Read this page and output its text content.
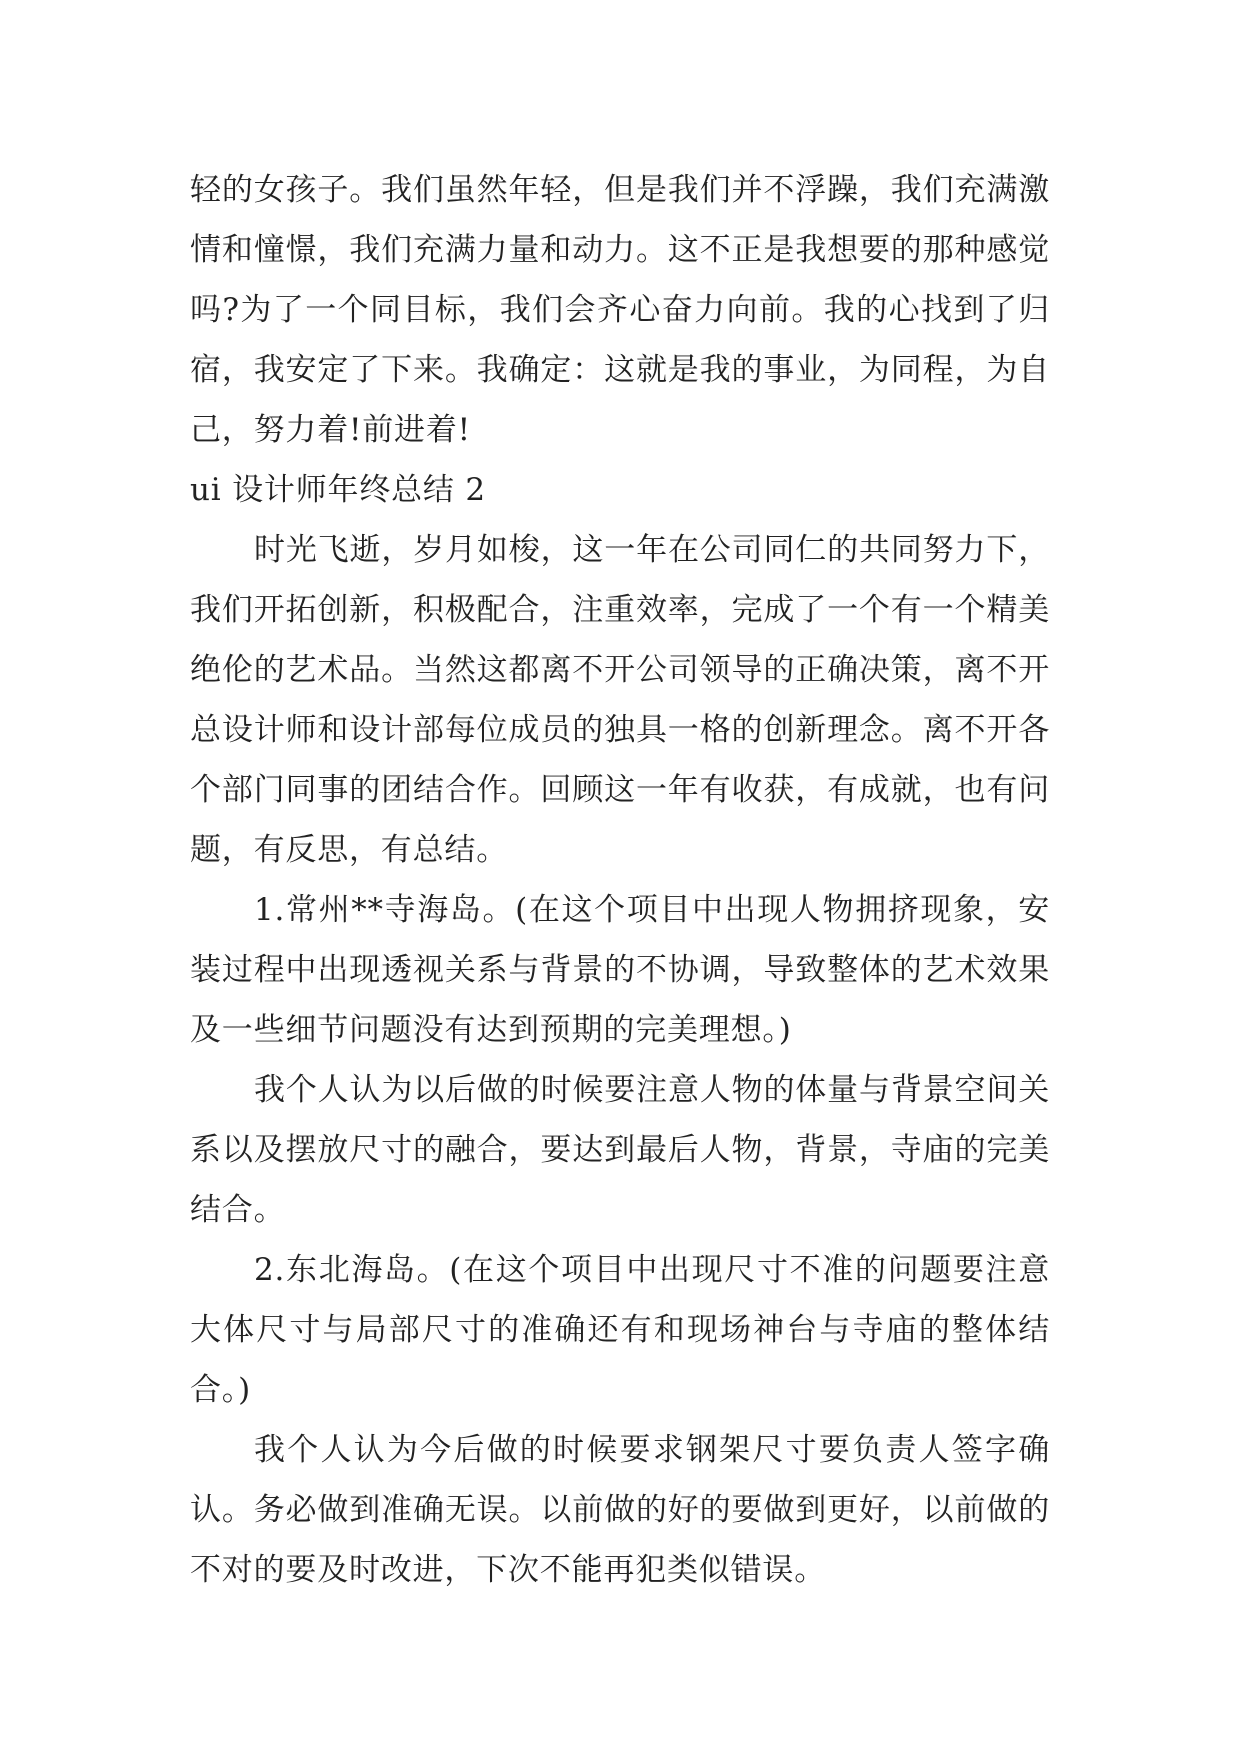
轻的女孩子。我们虽然年轻，但是我们并不浮躁，我们充满激情和憧憬，我们充满力量和动力。这不正是我想要的那种感觉吗?为了一个同目标，我们会齐心奋力向前。我的心找到了归宿，我安定了下来。我确定：这就是我的事业，为同程，为自己，努力着!前进着!

ui 设计师年终总结 2

时光飞逝，岁月如梭，这一年在公司同仁的共同努力下，我们开拓创新，积极配合，注重效率，完成了一个有一个精美绝伦的艺术品。当然这都离不开公司领导的正确决策，离不开总设计师和设计部每位成员的独具一格的创新理念。离不开各个部门同事的团结合作。回顾这一年有收获，有成就，也有问题，有反思，有总结。

1.常州**寺海岛。(在这个项目中出现人物拥挤现象，安装过程中出现透视关系与背景的不协调，导致整体的艺术效果及一些细节问题没有达到预期的完美理想。)

我个人认为以后做的时候要注意人物的体量与背景空间关系以及摆放尺寸的融合，要达到最后人物，背景，寺庙的完美结合。

2.东北海岛。(在这个项目中出现尺寸不准的问题要注意大体尺寸与局部尺寸的准确还有和现场神台与寺庙的整体结合。)

我个人认为今后做的时候要求钢架尺寸要负责人签字确认。务必做到准确无误。以前做的好的要做到更好，以前做的不对的要及时改进，下次不能再犯类似错误。
